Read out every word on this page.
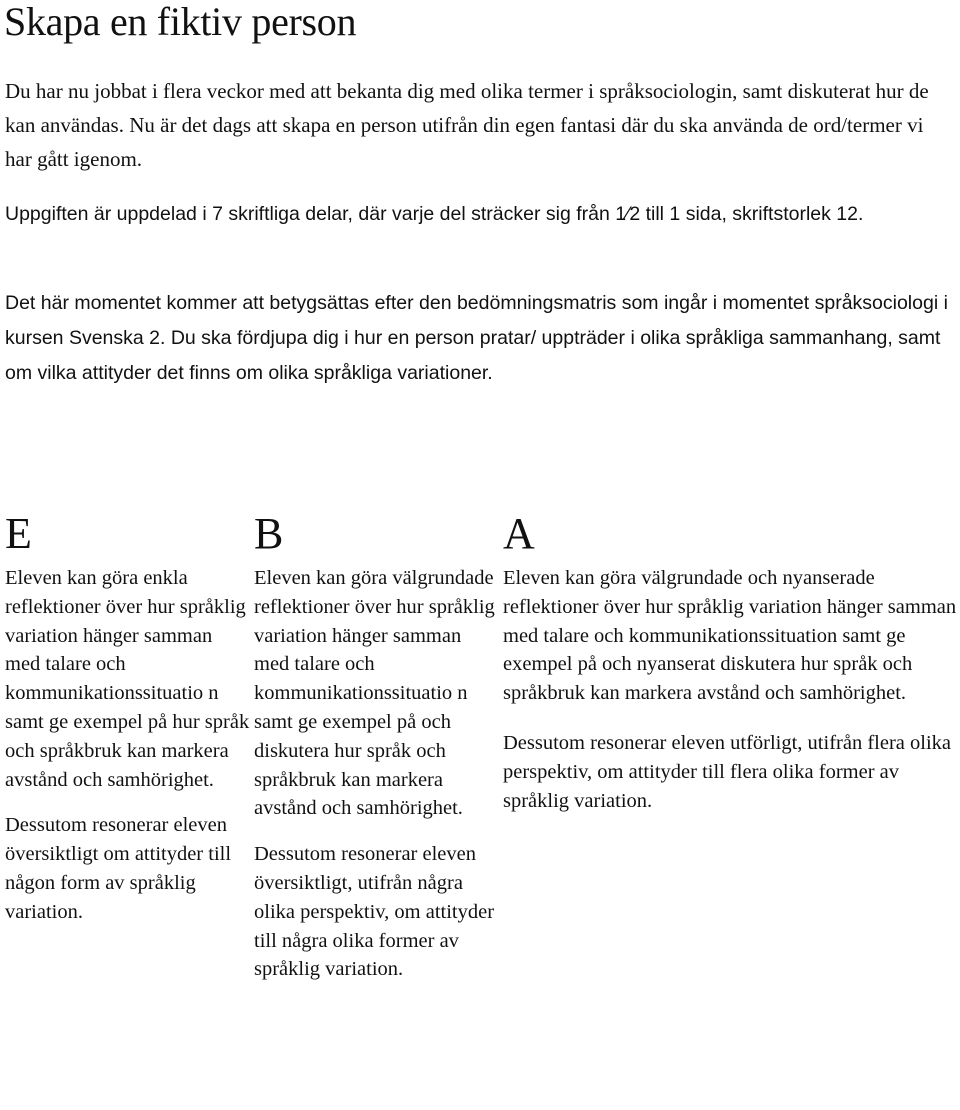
Skapa en fiktiv person

Du har nu jobbat i flera veckor med att bekanta dig med olika termer i språksociologin, samt diskuterat hur de kan användas. Nu är det dags att skapa en person utifrån din egen fantasi där du ska använda de ord/termer vi har gått igenom.

Uppgiften är uppdelad i 7 skriftliga delar, där varje del sträcker sig från 1⁄2 till 1 sida, skriftstorlek 12.

Det här momentet kommer att betygsättas efter den bedömningsmatris som ingår i momentet språksociologi i kursen Svenska 2. Du ska fördjupa dig i hur en person pratar/ uppträder i olika språkliga sammanhang, samt om vilka attityder det finns om olika språkliga variationer.

E

Eleven kan göra enkla reflektioner över hur språklig variation hänger samman med talare och kommunikationssituatio n samt ge exempel på hur språk och språkbruk kan markera avstånd och samhörighet.

Dessutom resonerar eleven översiktligt om attityder till någon form av språklig variation.

B

Eleven kan göra välgrundade reflektioner över hur språklig variation hänger samman med talare och kommunikationssituatio n samt ge exempel på och diskutera hur språk och språkbruk kan markera avstånd och samhörighet.

Dessutom resonerar eleven översiktligt, utifrån några olika perspektiv, om attityder till några olika former av språklig variation.

A

Eleven kan göra välgrundade och nyanserade reflektioner över hur språklig variation hänger samman med talare och kommunikationssituation samt ge exempel på och nyanserat diskutera hur språk och språkbruk kan markera avstånd och samhörighet.

Dessutom resonerar eleven utförligt, utifrån flera olika perspektiv, om attityder till flera olika former av språklig variation.
